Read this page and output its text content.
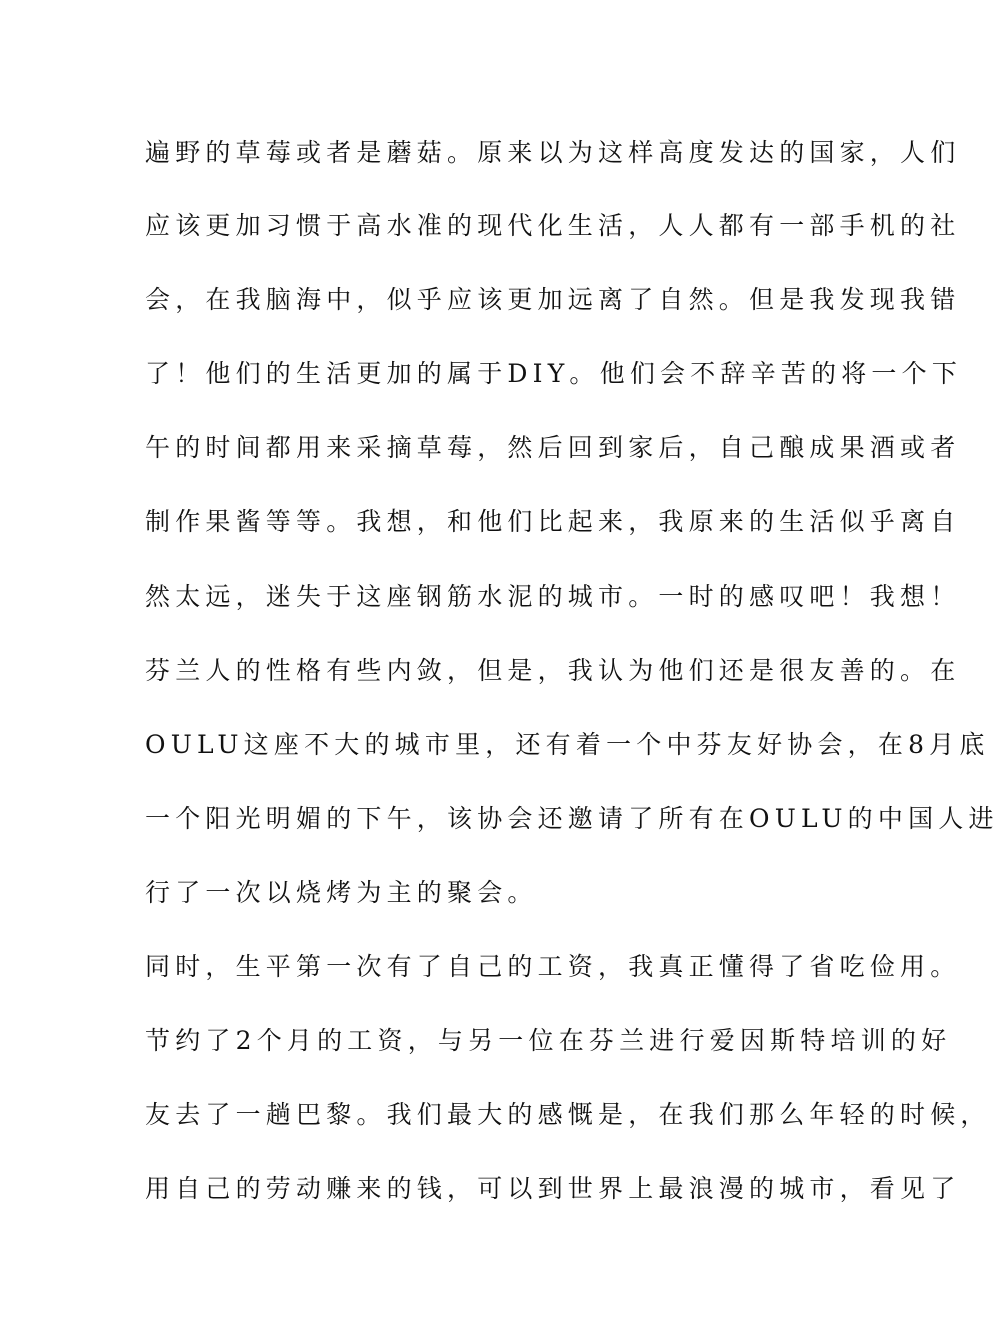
遍野的草莓或者是蘑菇。原来以为这样高度发达的国家，人们
应该更加习惯于高水准的现代化生活，人人都有一部手机的社
会，在我脑海中，似乎应该更加远离了自然。但是我发现我错
了！他们的生活更加的属于DIY。他们会不辞辛苦的将一个下
午的时间都用来采摘草莓，然后回到家后，自己酿成果酒或者
制作果酱等等。我想，和他们比起来，我原来的生活似乎离自
然太远，迷失于这座钢筋水泥的城市。一时的感叹吧！我想！
芬兰人的性格有些内敛，但是，我认为他们还是很友善的。在
OULU这座不大的城市里，还有着一个中芬友好协会，在8月底
一个阳光明媚的下午，该协会还邀请了所有在OULU的中国人进
行了一次以烧烤为主的聚会。
同时，生平第一次有了自己的工资，我真正懂得了省吃俭用。
节约了2个月的工资，与另一位在芬兰进行爱因斯特培训的好
友去了一趟巴黎。我们最大的感慨是，在我们那么年轻的时候，
用自己的劳动赚来的钱，可以到世界上最浪漫的城市，看见了
